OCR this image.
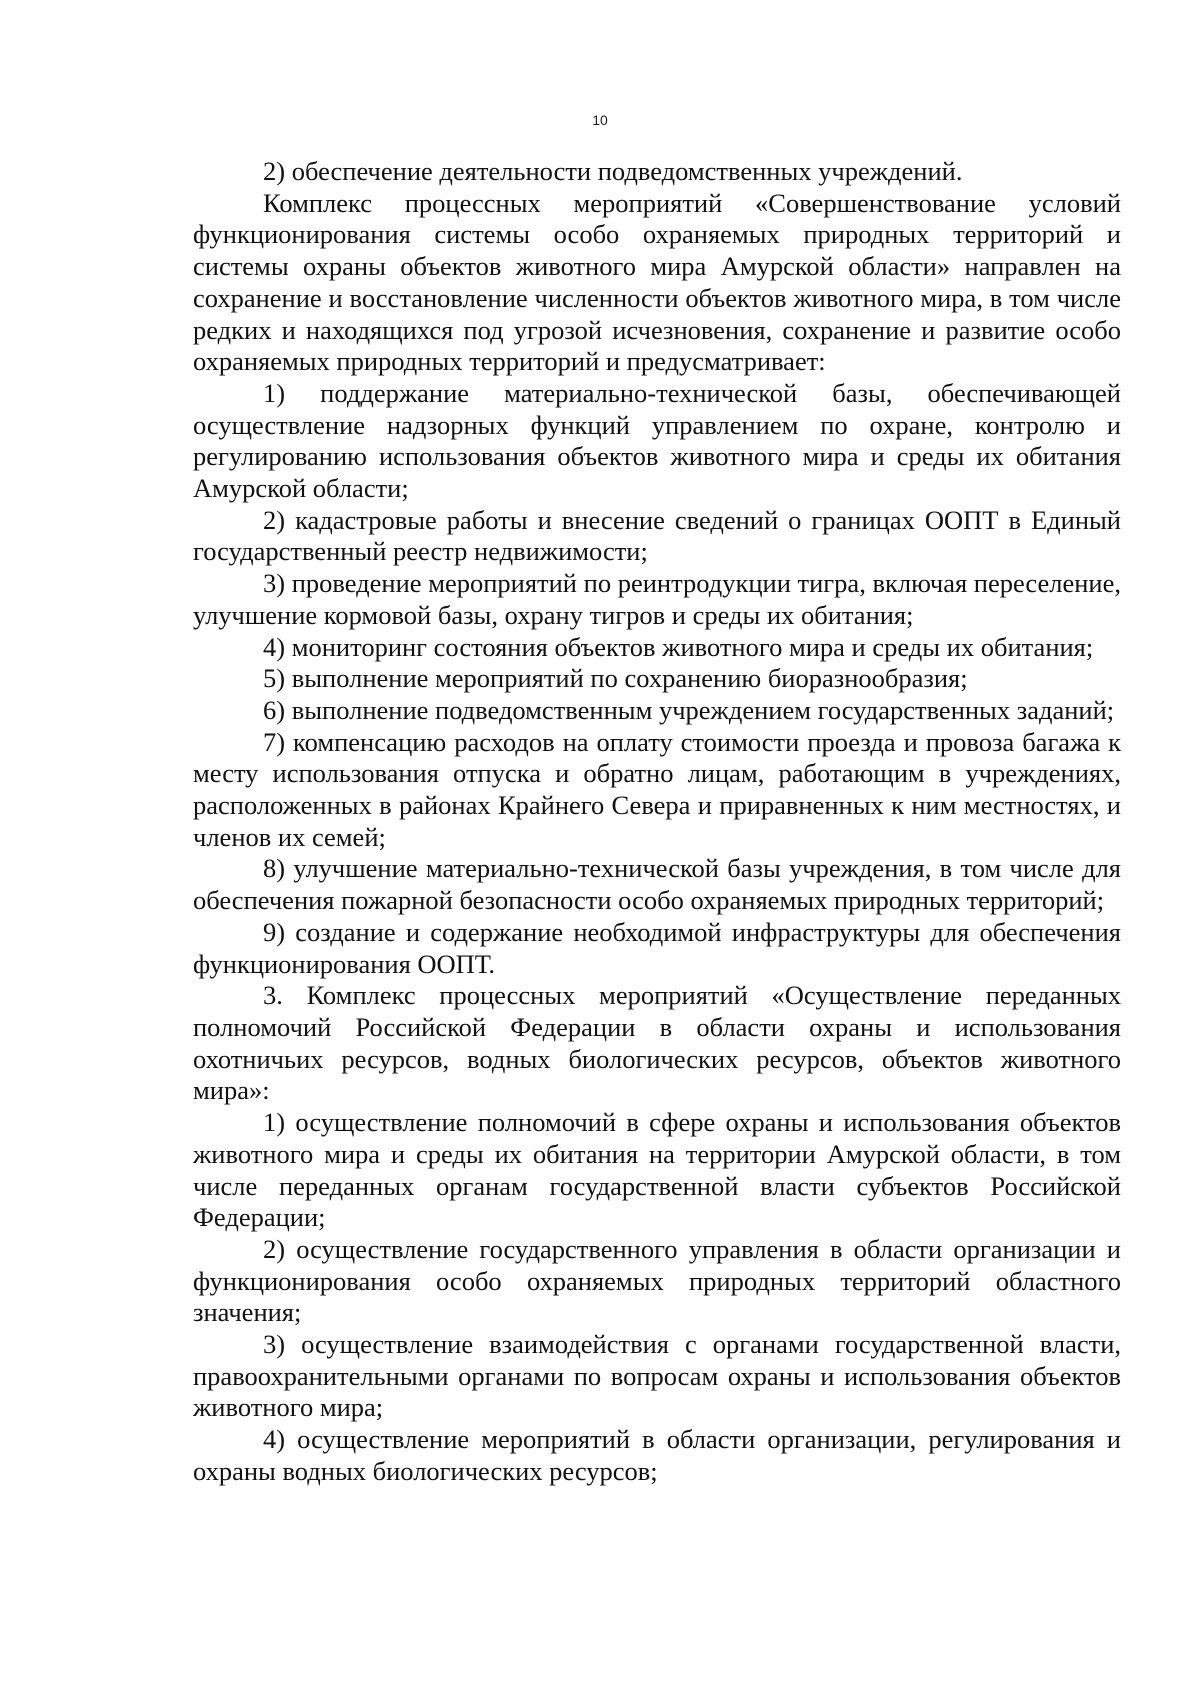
10

2) обеспечение деятельности подведомственных учреждений.

Комплекс процессных мероприятий «Совершенствование условий функционирования системы особо охраняемых природных территорий и системы охраны объектов животного мира Амурской области» направлен на сохранение и восстановление численности объектов животного мира, в том числе редких и находящихся под угрозой исчезновения, сохранение и развитие особо охраняемых природных территорий и предусматривает:

1) поддержание материально-технической базы, обеспечивающей осуществление надзорных функций управлением по охране, контролю и регулированию использования объектов животного мира и среды их обитания Амурской области;

2) кадастровые работы и внесение сведений о границах ООПТ в Единый государственный реестр недвижимости;

3) проведение мероприятий по реинтродукции тигра, включая переселение, улучшение кормовой базы, охрану тигров и среды их обитания;

4) мониторинг состояния объектов животного мира и среды их обитания;

5) выполнение мероприятий по сохранению биоразнообразия;

6) выполнение подведомственным учреждением государственных заданий;

7) компенсацию расходов на оплату стоимости проезда и провоза багажа к месту использования отпуска и обратно лицам, работающим в учреждениях, расположенных в районах Крайнего Севера и приравненных к ним местностях, и членов их семей;

8) улучшение материально-технической базы учреждения, в том числе для обеспечения пожарной безопасности особо охраняемых природных территорий;

9) создание и содержание необходимой инфраструктуры для обеспечения функционирования ООПТ.

3. Комплекс процессных мероприятий «Осуществление переданных полномочий Российской Федерации в области охраны и использования охотничьих ресурсов, водных биологических ресурсов, объектов животного мира»:

1) осуществление полномочий в сфере охраны и использования объектов животного мира и среды их обитания на территории Амурской области, в том числе переданных органам государственной власти субъектов Российской Федерации;

2) осуществление государственного управления в области организации и функционирования особо охраняемых природных территорий областного значения;

3) осуществление взаимодействия с органами государственной власти, правоохранительными органами по вопросам охраны и использования объектов животного мира;

4) осуществление мероприятий в области организации, регулирования и охраны водных биологических ресурсов;
